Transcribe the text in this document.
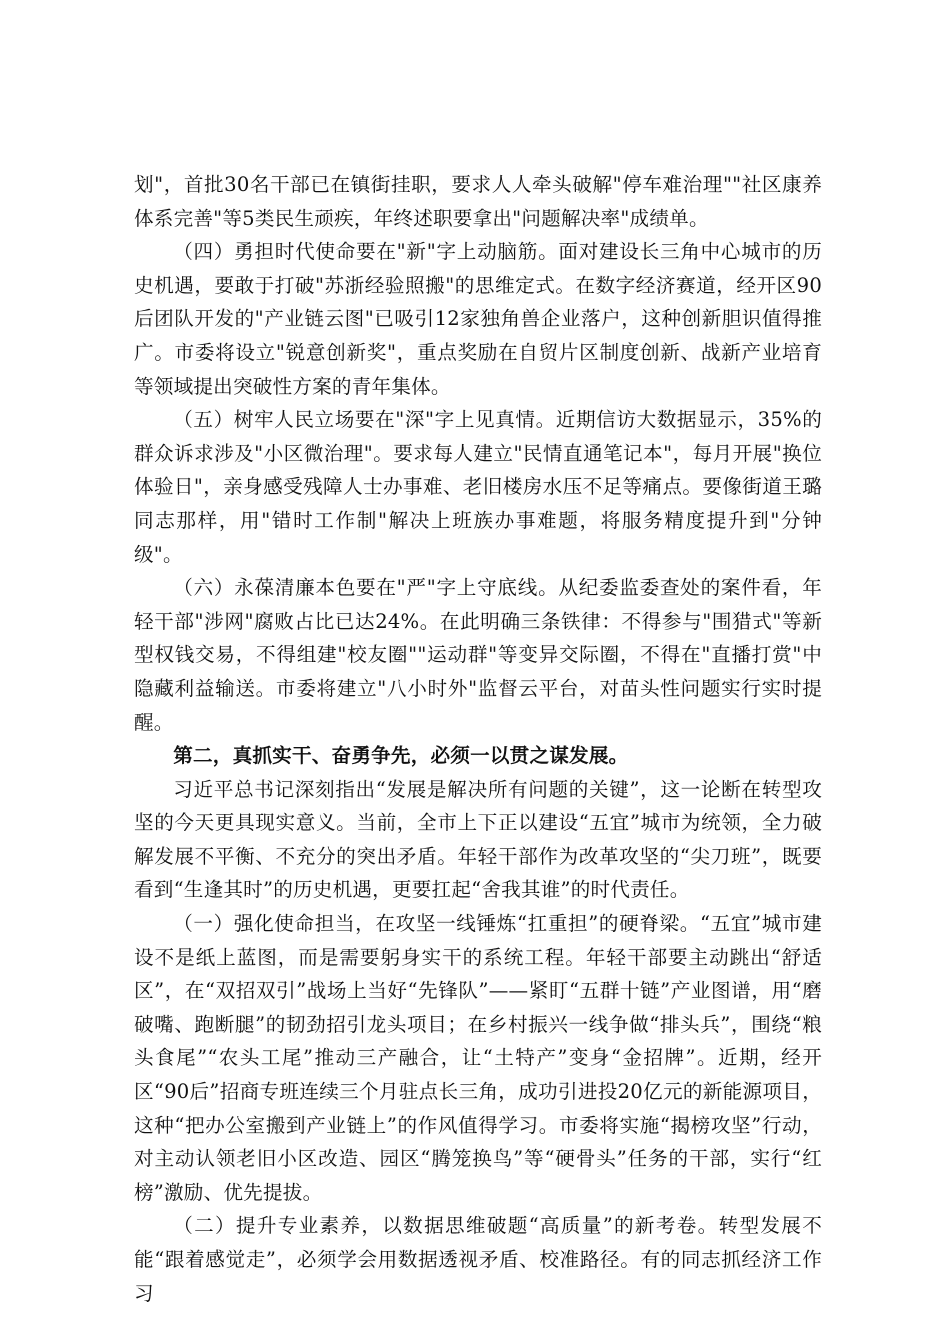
划"，首批30名干部已在镇街挂职，要求人人牵头破解"停车难治理""社区康养体系完善"等5类民生顽疾，年终述职要拿出"问题解决率"成绩单。

（四）勇担时代使命要在"新"字上动脑筋。面对建设长三角中心城市的历史机遇，要敢于打破"苏浙经验照搬"的思维定式。在数字经济赛道，经开区90后团队开发的"产业链云图"已吸引12家独角兽企业落户，这种创新胆识值得推广。市委将设立"锐意创新奖"，重点奖励在自贸片区制度创新、战新产业培育等领域提出突破性方案的青年集体。

（五）树牢人民立场要在"深"字上见真情。近期信访大数据显示，35%的群众诉求涉及"小区微治理"。要求每人建立"民情直通笔记本"，每月开展"换位体验日"，亲身感受残障人士办事难、老旧楼房水压不足等痛点。要像街道王璐同志那样，用"错时工作制"解决上班族办事难题，将服务精度提升到"分钟级"。

（六）永葆清廉本色要在"严"字上守底线。从纪委监委查处的案件看，年轻干部"涉网"腐败占比已达24%。在此明确三条铁律：不得参与"围猎式"等新型权钱交易，不得组建"校友圈""运动群"等变异交际圈，不得在"直播打赏"中隐藏利益输送。市委将建立"八小时外"监督云平台，对苗头性问题实行实时提醒。

第二，真抓实干、奋勇争先，必须一以贯之谋发展。

习近平总书记深刻指出“发展是解决所有问题的关键”，这一论断在转型攻坚的今天更具现实意义。当前，全市上下正以建设“五宜”城市为统领，全力破解发展不平衡、不充分的突出矛盾。年轻干部作为改革攻坚的“尖刀班”，既要看到“生逢其时”的历史机遇，更要扛起“舍我其谁”的时代责任。

（一）强化使命担当，在攻坚一线锤炼“扛重担”的硬脊梁。“五宜”城市建设不是纸上蓝图，而是需要躬身实干的系统工程。年轻干部要主动跳出“舒适区”，在“双招双引”战场上当好“先锋队”——紧盯“五群十链”产业图谱，用“磨破嘴、跑断腿”的韧劲招引龙头项目；在乡村振兴一线争做“排头兵”，围绕“粮头食尾”“农头工尾”推动三产融合，让“土特产”变身“金招牌”。近期，经开区“90后”招商专班连续三个月驻点长三角，成功引进投20亿元的新能源项目，这种“把办公室搬到产业链上”的作风值得学习。市委将实施“揭榜攻坚”行动，对主动认领老旧小区改造、园区“腾笼换鸟”等“硬骨头”任务的干部，实行“红榜”激励、优先提拔。

（二）提升专业素养，以数据思维破题“高质量”的新考卷。转型发展不能“跟着感觉走”，必须学会用数据透视矛盾、校准路径。有的同志抓经济工作习
